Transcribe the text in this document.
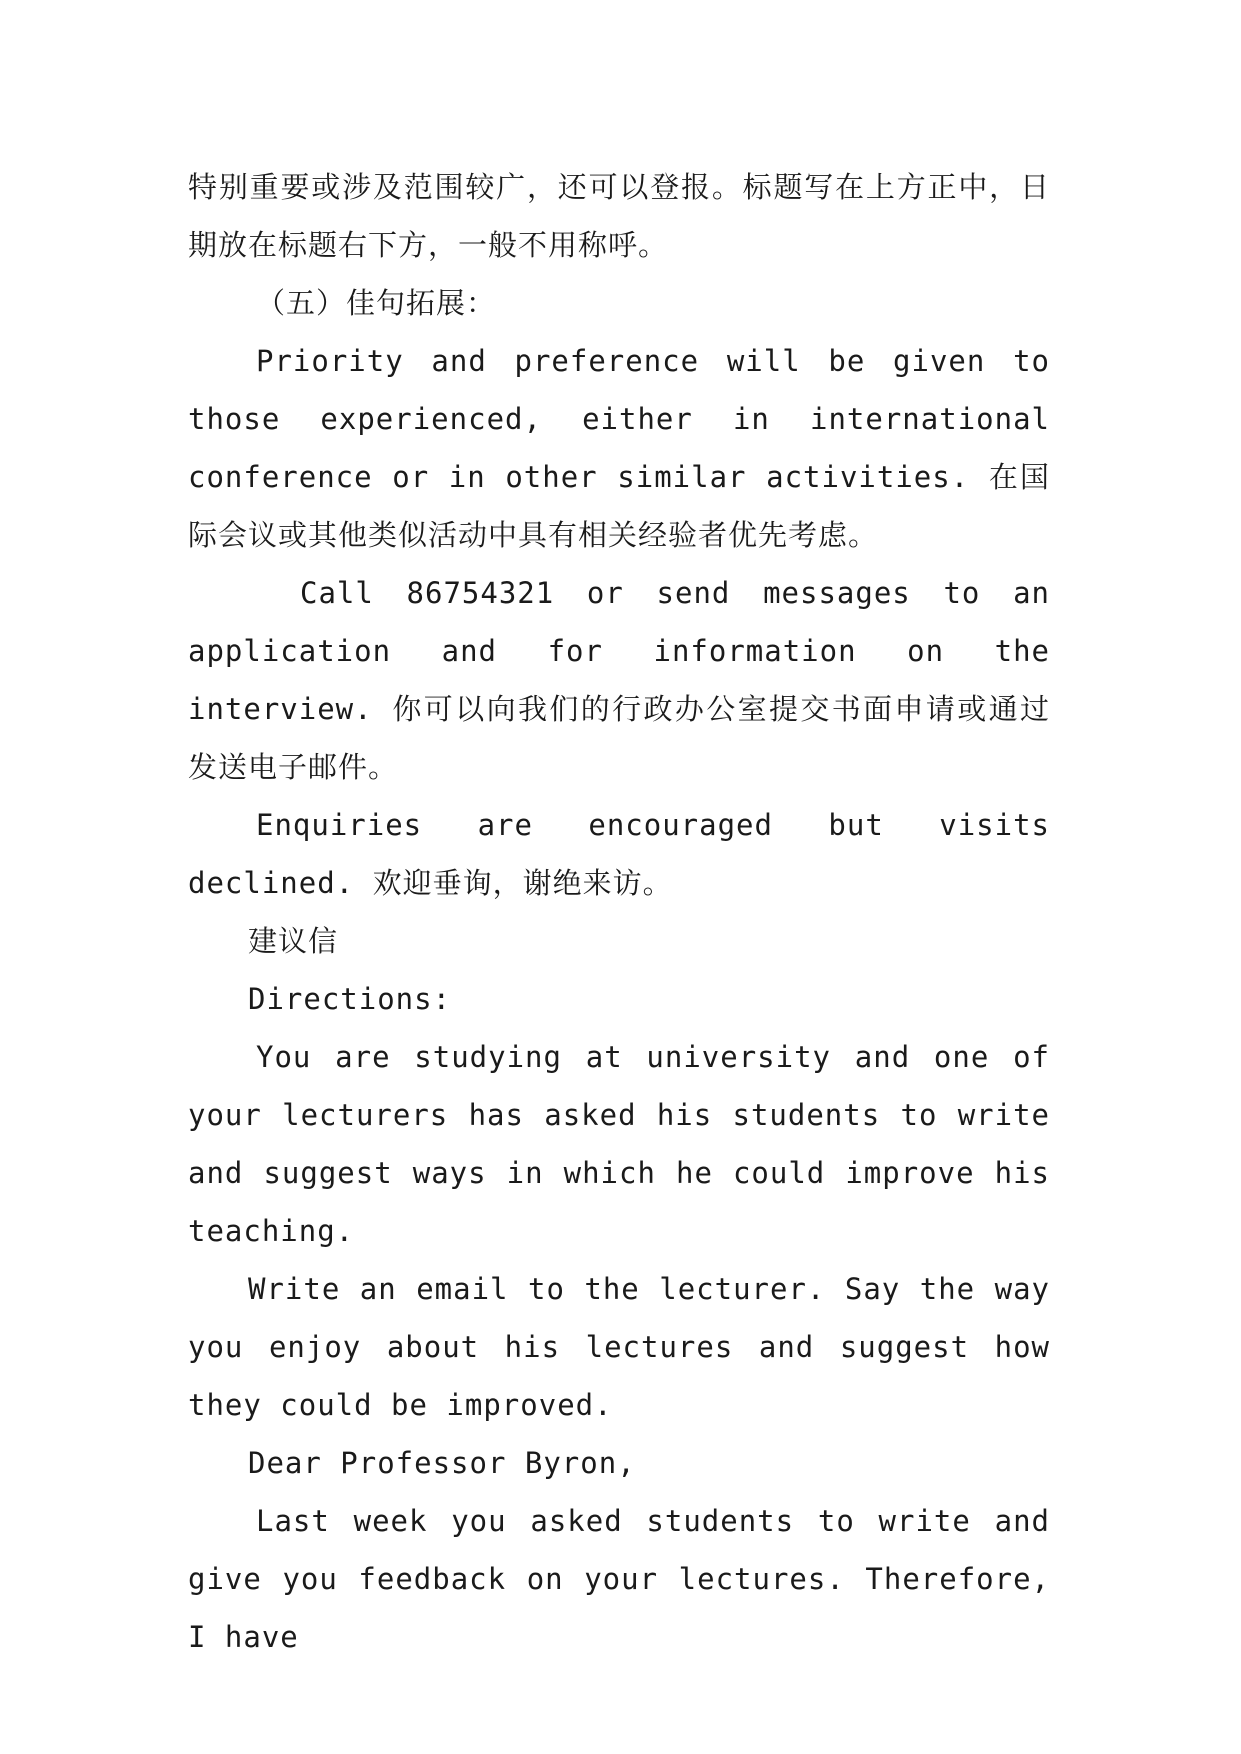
特别重要或涉及范围较广，还可以登报。标题写在上方正中，日期放在标题右下方，一般不用称呼。

（五）佳句拓展：

Priority and preference will be given to those experienced, either in international conference or in other similar activities. 在国际会议或其他类似活动中具有相关经验者优先考虑。

Call 86754321 or send messages to an application and for information on the interview. 你可以向我们的行政办公室提交书面申请或通过 发送电子邮件。

Enquiries are encouraged but visits declined. 欢迎垂询，谢绝来访。

建议信

Directions:

You are studying at university and one of your lecturers has asked his students to write and suggest ways in which he could improve his teaching.

Write an email to the lecturer. Say the way you enjoy about his lectures and suggest how they could be improved.

Dear Professor Byron,

Last week you asked students to write and give you feedback on your lectures. Therefore, I have
